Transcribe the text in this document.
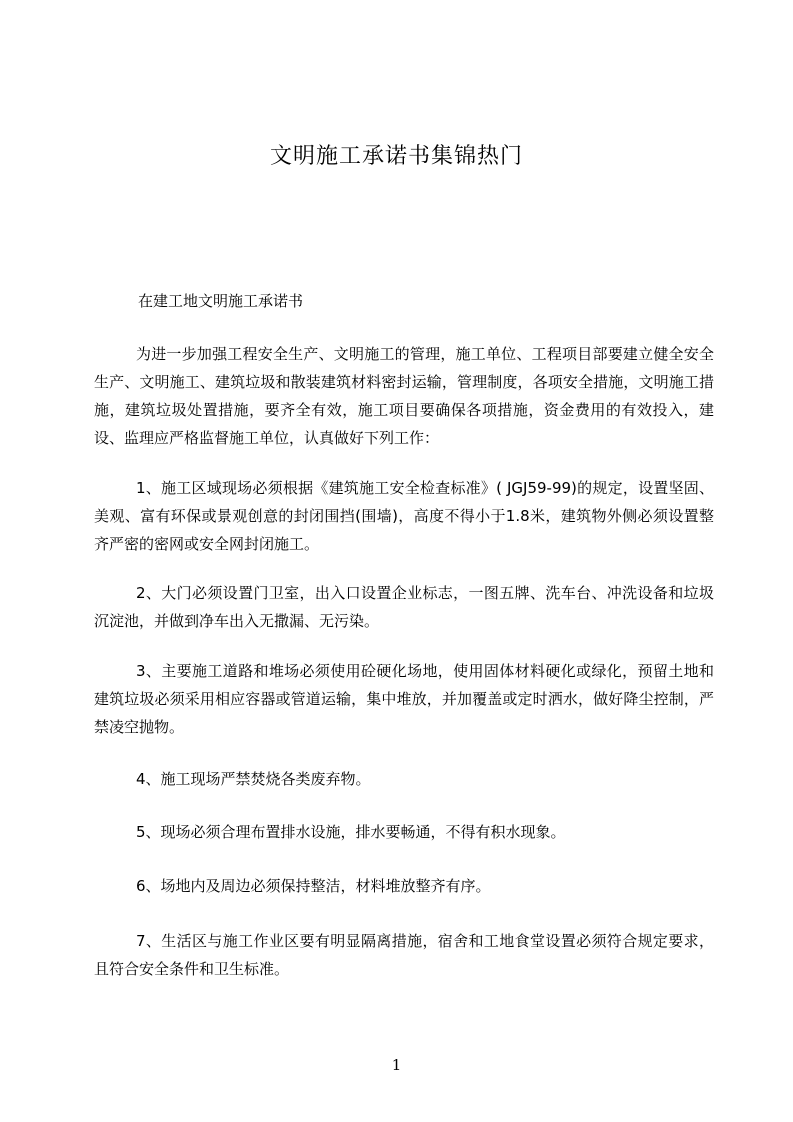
文明施工承诺书集锦热门
在建工地文明施工承诺书
为进一步加强工程安全生产、文明施工的管理，施工单位、工程项目部要建立健全安全生产、文明施工、建筑垃圾和散装建筑材料密封运输，管理制度，各项安全措施，文明施工措施，建筑垃圾处置措施，要齐全有效，施工项目要确保各项措施，资金费用的有效投入，建设、监理应严格监督施工单位，认真做好下列工作：
1、施工区域现场必须根据《建筑施工安全检查标准》( JGJ59-99)的规定，设置坚固、美观、富有环保或景观创意的封闭围挡(围墙)，高度不得小于1.8米，建筑物外侧必须设置整齐严密的密网或安全网封闭施工。
2、大门必须设置门卫室，出入口设置企业标志，一图五牌、洗车台、冲洗设备和垃圾沉淀池，并做到净车出入无撒漏、无污染。
3、主要施工道路和堆场必须使用砼硬化场地，使用固体材料硬化或绿化，预留土地和建筑垃圾必须采用相应容器或管道运输，集中堆放，并加覆盖或定时洒水，做好降尘控制，严禁凌空抛物。
4、施工现场严禁焚烧各类废弃物。
5、现场必须合理布置排水设施，排水要畅通，不得有积水现象。
6、场地内及周边必须保持整洁，材料堆放整齐有序。
7、生活区与施工作业区要有明显隔离措施，宿舍和工地食堂设置必须符合规定要求，且符合安全条件和卫生标准。
1
